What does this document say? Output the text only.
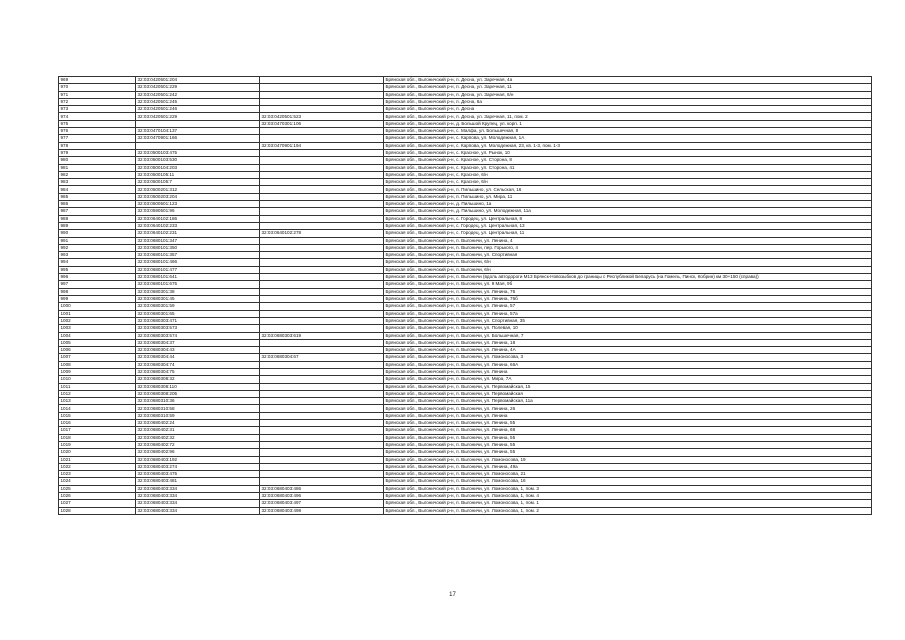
969	32:03:0420501:204		Брянская обл., Выгоничский р-н, п. Десна, ул. Заречная, 4а
970	32:03:0420501:229		Брянская обл., Выгоничский р-н, п. Десна, ул. Заречная, 11
971	32:03:0420501:242		Брянская обл., Выгоничский р-н, п. Десна, ул. Заречная, 6/н
972	32:03:0420501:245		Брянская обл., Выгоничский р-н, п. Десна, 6а
973	32:03:0420501:246		Брянская обл., Выгоничский р-н, п. Десна
974	32:03:0420501:229	32:03:0420501:523	Брянская обл., Выгоничский р-н, п. Десна, ул. Заречная, 11, пом. 2
975		32:03:0470301:106	Брянская обл., Выгоничский р-н, д. Большой Крупец, ул. корп. 1
976	32:03:0470104:137		Брянская обл., Выгоничский р-н, с. Малфа, ул. Большечная, 8
977	32:03:0470901:166		Брянская обл., Выгоничский р-н, с. Карпова, ул. Молодежная, 1А
978		32:03:0470901:194	Брянская обл., Выгоничский р-н, с. Карпова, ул. Молодежная, 23, кв. 1-3, пом. 1-3
979	32:03:0500103:475		Брянская обл., Выгоничский р-н, с. Красное, ул. Рынок, 10
980	32:03:0500103:530		Брянская обл., Выгоничский р-н, с. Красное, ул. Сторона, 8
981	32:03:0500104:203		Брянская обл., Выгоничский р-н, с. Красное, ул. Сторона, 41
982	32:03:0500105:11		Брянская обл., Выгоничский р-н, с. Красное, 6/н
983	32:03:0500105:7		Брянская обл., Выгоничский р-н, с. Красное, 6/н
984	32:03:0500201:312		Брянская обл., Выгоничский р-н, п. Пильшино, ул. Сельская, 16
985	32:03:0500203:204		Брянская обл., Выгоничский р-н, п. Пильшино, ул. Мира, 11
986	32:03:0500501:123		Брянская обл., Выгоничский р-н, д. Пильшино, 1а
987	32:03:0590501:96		Брянская обл., Выгоничский р-н, д. Пильшино, ул. Молодежная, 11а
988	32:03:0640102:186		Брянская обл., Выгоничский р-н, с. Городец, ул. Центральная, 8
989	32:03:0640102:233		Брянская обл., Выгоничский р-н, с. Городец, ул. Центральная, 13
990	32:03:0640102:231	32:03:0640102:278	Брянская обл., Выгоничский р-н, с. Городец, ул. Центральная, 11
991	32:03:0680101:347		Брянская обл., Выгоничский р-н, п. Выгоничи, ул. Ленина, 4
992	32:03:0680101:350		Брянская обл., Выгоничский р-н, п. Выгоничи, пер. Горького, 4
993	32:03:0680101:357		Брянская обл., Выгоничский р-н, п. Выгоничи, ул. Спортивная
994	32:03:0680101:466		Брянская обл., Выгоничский р-н, п. Выгоничи, 6/н
995	32:03:0680101:477		Брянская обл., Выгоничский р-н, п. Выгоничи, 6/н
996	32:03:0680101:641		Брянская обл., Выгоничский р-н, п. Выгоничи (вдоль автодороги М13 Брянск-Новозыбков до границы с Республикой Беларусь (на Гомель, Пинск, Кобрин) км 30+150 (справа))
997	32:03:0680101:675		Брянская обл., Выгоничский р-н, п. Выгоничи, ул. 9 Мая, 9б
998	32:03:0680301:38		Брянская обл., Выгоничский р-н, п. Выгоничи, ул. Ленина, 76
999	32:03:0680301:45		Брянская обл., Выгоничский р-н, п. Выгоничи, ул. Ленина, 76б
1000	32:03:0680301:59		Брянская обл., Выгоничский р-н, п. Выгоничи, ул. Ленина, 57
1001	32:03:0680301:65		Брянская обл., Выгоничский р-н, п. Выгоничи, ул. Ленина, 57а
1002	32:03:0680303:471		Брянская обл., Выгоничский р-н, п. Выгоничи, ул. Спортивная, 35
1003	32:03:0680303:573		Брянская обл., Выгоничский р-н, п. Выгоничи, ул. Полевая, 10
1004	32:03:0680303:574	32:03:0680303:619	Брянская обл., Выгоничский р-н, п. Выгоничи, ул. Большечная, 7
1005	32:03:0680304:37		Брянская обл., Выгоничский р-н, п. Выгоничи, ул. Ленина, 18
1006	32:03:0680304:43		Брянская обл., Выгоничский р-н, п. Выгоничи, ул. Ленина, 4А
1007	32:03:0680304:44	32:03:0680304:67	Брянская обл., Выгоничский р-н, п. Выгоничи, ул. Ломоносова, 3
1008	32:03:0680304:74		Брянская обл., Выгоничский р-н, п. Выгоничи, ул. Ленина, 66А
1009	32:03:0680304:75		Брянская обл., Выгоничский р-н, п. Выгоничи, ул. Ленина
1010	32:03:0680308:32		Брянская обл., Выгоничский р-н, п. Выгоничи, ул. Мира, 7А
1011	32:03:0680308:110		Брянская обл., Выгоничский р-н, п. Выгоничи, ул. Первомайская, 15
1012	32:03:0680308:205		Брянская обл., Выгоничский р-н, п. Выгоничи, ул. Первомайская
1013	32:03:0680310:36		Брянская обл., Выгоничский р-н, п. Выгоничи, ул. Первомайская, 11а
1014	32:03:0680310:58		Брянская обл., Выгоничский р-н, п. Выгоничи, ул. Ленина, 26
1015	32:03:0680310:59		Брянская обл., Выгоничский р-н, п. Выгоничи, ул. Ленина
1016	32:03:0680402:24		Брянская обл., Выгоничский р-н, п. Выгоничи, ул. Ленина, 55
1017	32:03:0680402:31		Брянская обл., Выгоничский р-н, п. Выгоничи, ул. Ленина, 68
1018	32:03:0680402:32		Брянская обл., Выгоничский р-н, п. Выгоничи, ул. Ленина, 55
1019	32:03:0680402:72		Брянская обл., Выгоничский р-н, п. Выгоничи, ул. Ленина, 55
1020	32:03:0680402:96		Брянская обл., Выгоничский р-н, п. Выгоничи, ул. Ленина, 55
1021	32:03:0680403:192		Брянская обл., Выгоничский р-н, п. Выгоничи, ул. Ломоносова, 19
1022	32:03:0680403:274		Брянская обл., Выгоничский р-н, п. Выгоничи, ул. Ленина, 49а
1023	32:03:0680403:475		Брянская обл., Выгоничский р-н, п. Выгоничи, ул. Ломоносова, 21
1024	32:03:0680403:481		Брянская обл., Выгоничский р-н, п. Выгоничи, ул. Ломоносова, 16
1025	32:03:0680403:334	32:03:0680403:486	Брянская обл., Выгоничский р-н, п. Выгоничи, ул. Ломоносова, 1, пом. 3
1026	32:03:0680403:334	32:03:0680403:496	Брянская обл., Выгоничский р-н, п. Выгоничи, ул. Ломоносова, 1, пом. 4
1027	32:03:0680403:334	32:03:0680403:497	Брянская обл., Выгоничский р-н, п. Выгоничи, ул. Ломоносова, 1, пом. 1
1028	32:03:0680403:334	32:03:0680403:498	Брянская обл., Выгоничский р-н, п. Выгоничи, ул. Ломоносова, 1, пом. 2
17
